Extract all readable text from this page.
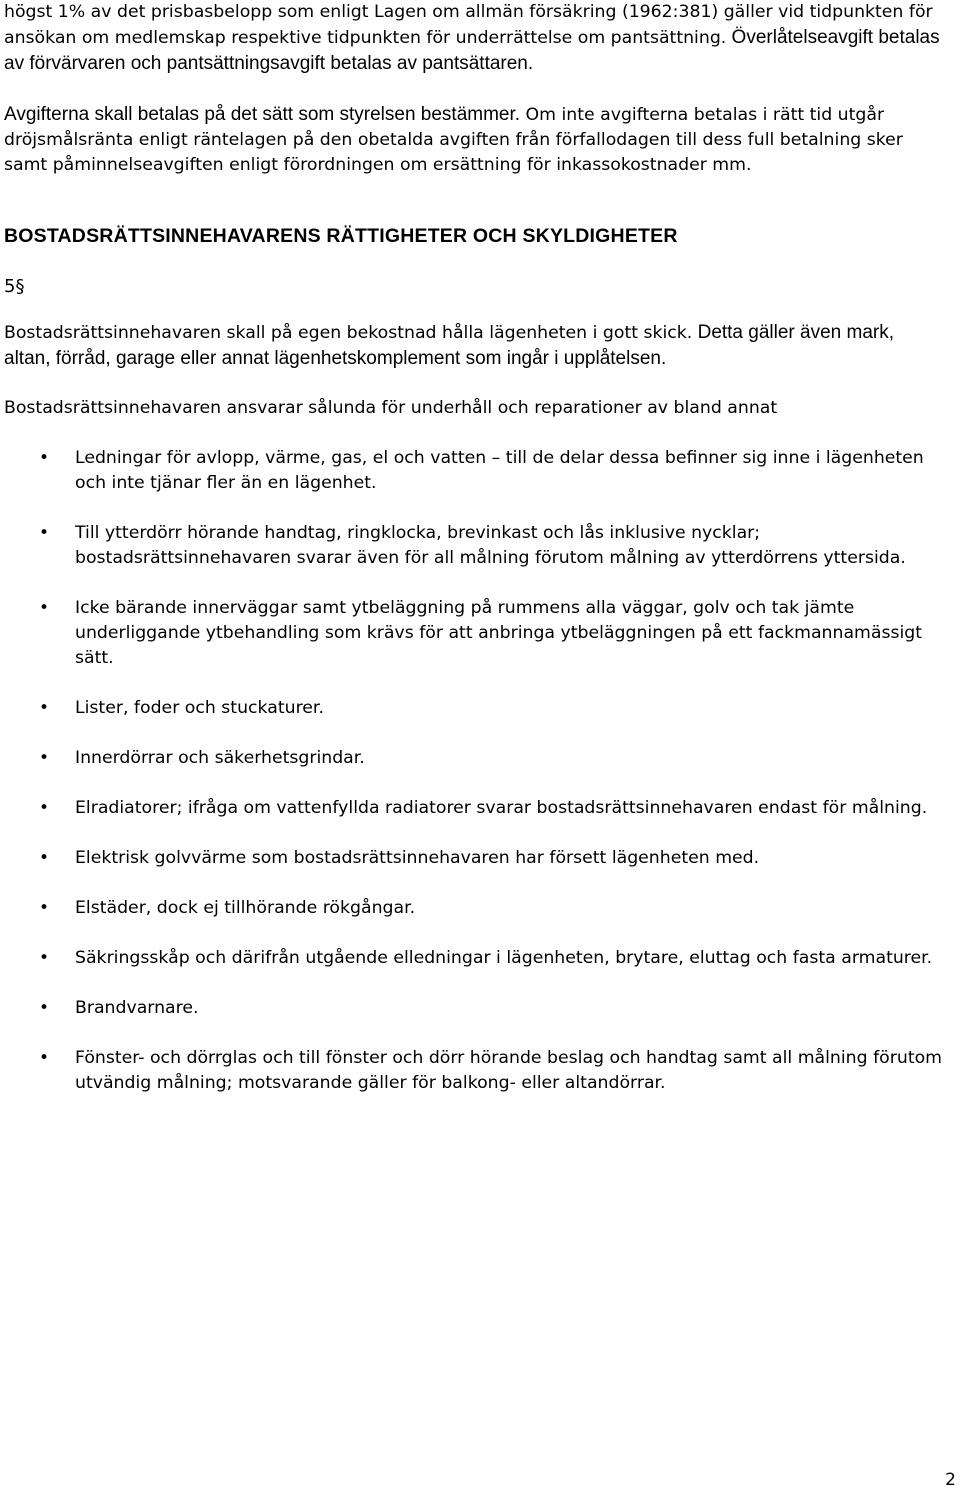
högst 1% av det prisbasbelopp som enligt Lagen om allmän försäkring (1962:381) gäller vid tidpunkten för ansökan om medlemskap respektive tidpunkten för underrättelse om pantsättning. Överlåtelseavgift betalas av förvärvaren och pantsättningsavgift betalas av pantsättaren.

Avgifterna skall betalas på det sätt som styrelsen bestämmer. Om inte avgifterna betalas i rätt tid utgår dröjsmålsränta enligt räntelagen på den obetalda avgiften från förfallodagen till dess full betalning sker samt påminnelseavgiften enligt förordningen om ersättning för inkassokostnader mm.

BOSTADSRÄTTSINNEHAVARENS RÄTTIGHETER OCH SKYLDIGHETER

5§

Bostadsrättsinnehavaren skall på egen bekostnad hålla lägenheten i gott skick. Detta gäller även mark, altan, förråd, garage eller annat lägenhetskomplement som ingår i upplåtelsen.

Bostadsrättsinnehavaren ansvarar sålunda för underhåll och reparationer av bland annat

• Ledningar för avlopp, värme, gas, el och vatten – till de delar dessa befinner sig inne i lägenheten och inte tjänar fler än en lägenhet.
• Till ytterdörr hörande handtag, ringklocka, brevinkast och lås inklusive nycklar; bostadsrättsinnehavaren svarar även för all målning förutom målning av ytterdörrens yttersida.
• Icke bärande innerväggar samt ytbeläggning på rummens alla väggar, golv och tak jämte underliggande ytbehandling som krävs för att anbringa ytbeläggningen på ett fackmannamässigt sätt.
• Lister, foder och stuckaturer.
• Innerdörrar och säkerhetsgrindar.
• Elradiatorer; ifråga om vattenfyllda radiatorer svarar bostadsrättsinnehavaren endast för målning.
• Elektrisk golvvärme som bostadsrättsinnehavaren har försett lägenheten med.
• Elstäder, dock ej tillhörande rökgångar.
• Säkringsskåp och därifrån utgående elledningar i lägenheten, brytare, eluttag och fasta armaturer.
• Brandvarnare.
• Fönster- och dörrglas och till fönster och dörr hörande beslag och handtag samt all målning förutom utvändig målning; motsvarande gäller för balkong- eller altandörrar.
2
